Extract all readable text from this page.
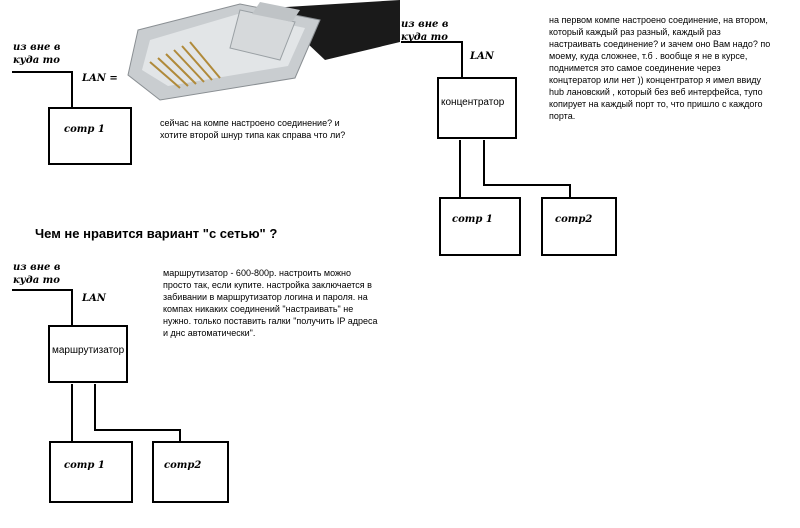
из вне в
куда то
LAN =
comp 1
сейчас на компе настроено соединение? и хотите второй шнур типа как справа что ли?
из вне в
куда то
LAN
концентратор
comp 1	comp2
на первом компе настроено соединение, на втором, который каждый раз разный, каждый раз настраивать соединение? и зачем оно Вам надо? по моему, куда сложнее, т.б . вообще я не в курсе, поднимется это самое соединение через концтератор или нет )) концентратор я имел ввиду hub лановский , который без веб интерфейса, тупо копирует на каждый порт то, что пришло с каждого порта.
Чем не нравится вариант "с сетью" ?
из вне в
куда то
LAN
маршрутизатор
comp 1	comp2
маршрутизатор - 600-800р. настроить можно просто так, если купите. настройка заключается в забивании в маршрутизатор логина и пароля. на компах никаких соединений "настраивать" не нужно. только поставить галки "получить IP адреса и днс автоматически".
